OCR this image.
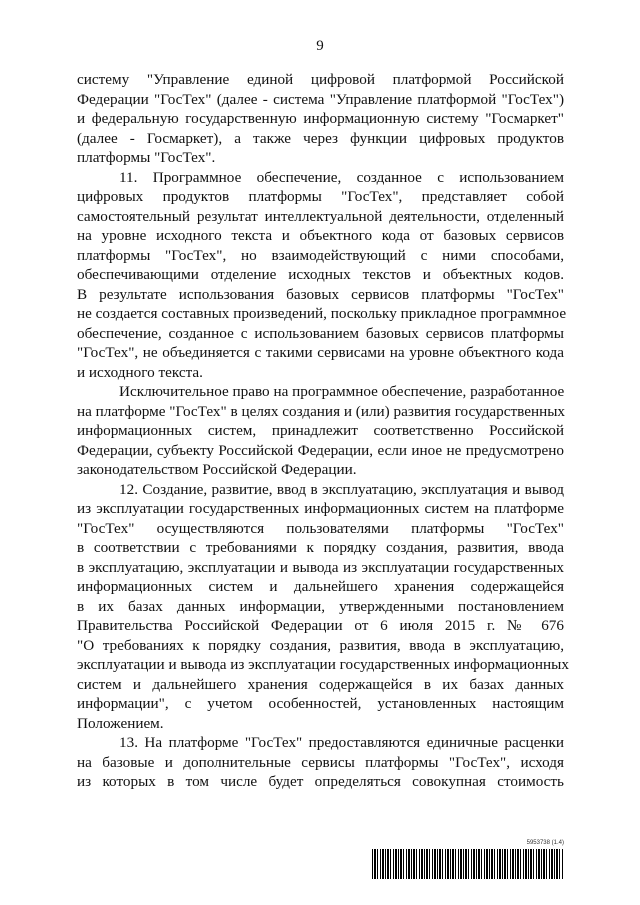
9
систему "Управление единой цифровой платформой Российской
Федерации "ГосТех" (далее - система "Управление платформой "ГосТех")
и федеральную государственную информационную систему "Госмаркет"
(далее - Госмаркет), а также через функции цифровых продуктов
платформы "ГосТех".
11. Программное обеспечение, созданное с использованием
цифровых продуктов платформы "ГосТех", представляет собой
самостоятельный результат интеллектуальной деятельности, отделенный
на уровне исходного текста и объектного кода от базовых сервисов
платформы "ГосТех", но взаимодействующий с ними способами,
обеспечивающими отделение исходных текстов и объектных кодов.
В результате использования базовых сервисов платформы "ГосТех"
не создается составных произведений, поскольку прикладное программное
обеспечение, созданное с использованием базовых сервисов платформы
"ГосТех", не объединяется с такими сервисами на уровне объектного кода
и исходного текста.
Исключительное право на программное обеспечение, разработанное
на платформе "ГосТех" в целях создания и (или) развития государственных
информационных систем, принадлежит соответственно Российской
Федерации, субъекту Российской Федерации, если иное не предусмотрено
законодательством Российской Федерации.
12. Создание, развитие, ввод в эксплуатацию, эксплуатация и вывод
из эксплуатации государственных информационных систем на платформе
"ГосТех" осуществляются пользователями платформы "ГосТех"
в соответствии с требованиями к порядку создания, развития, ввода
в эксплуатацию, эксплуатации и вывода из эксплуатации государственных
информационных систем и дальнейшего хранения содержащейся
в их базах данных информации, утвержденными постановлением
Правительства Российской Федерации от 6 июля 2015 г. № 676
"О требованиях к порядку создания, развития, ввода в эксплуатацию,
эксплуатации и вывода из эксплуатации государственных информационных
систем и дальнейшего хранения содержащейся в их базах данных
информации", с учетом особенностей, установленных настоящим
Положением.
13. На платформе "ГосТех" предоставляются единичные расценки
на базовые и дополнительные сервисы платформы "ГосТех", исходя
из которых в том числе будет определяться совокупная стоимость
5953738 (1.4)
